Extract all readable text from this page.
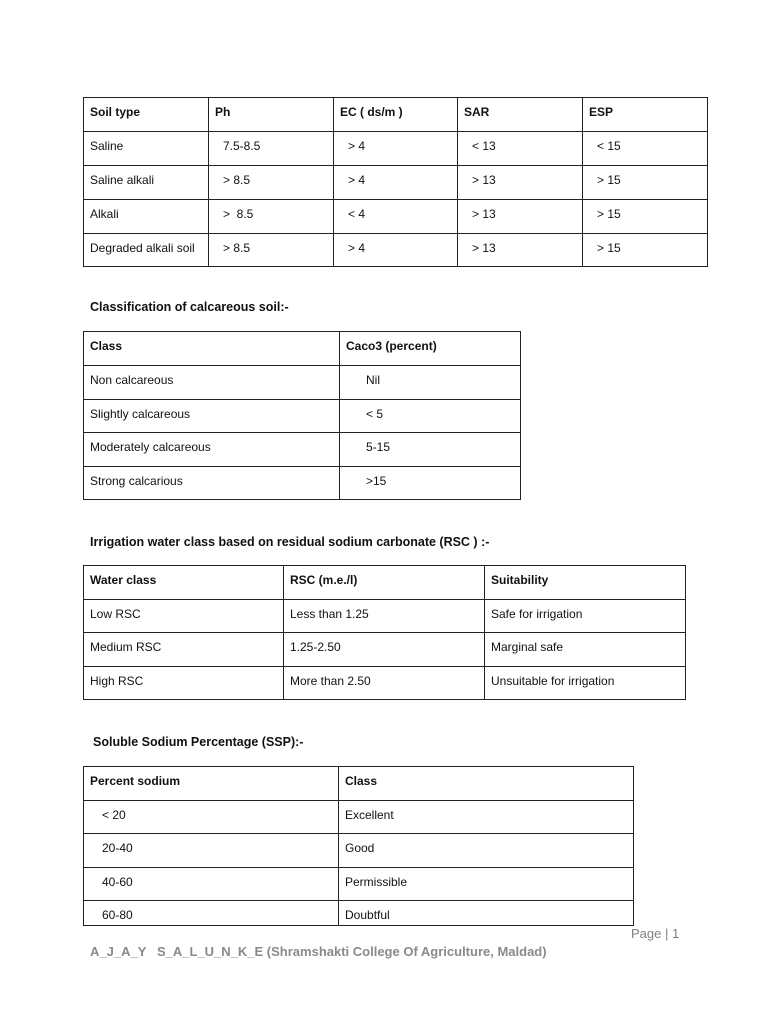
Soil type	Ph	EC ( ds/m )	SAR	ESP
Saline	7.5-8.5	> 4	< 13	< 15
Saline alkali	> 8.5	> 4	> 13	> 15
Alkali	>  8.5	< 4	> 13	> 15
Degraded alkali soil	> 8.5	> 4	> 13	> 15
Classification of calcareous soil:-
Class	Caco3 (percent)
Non calcareous	Nil
Slightly calcareous	< 5
Moderately calcareous	5-15
Strong calcarious	>15
Irrigation water class based on residual sodium carbonate (RSC ) :-
Water class	RSC (m.e./l)	Suitability
Low RSC	Less than 1.25	Safe for irrigation
Medium RSC	1.25-2.50	Marginal safe
High RSC	More than 2.50	Unsuitable for irrigation
Soluble Sodium Percentage (SSP):-
Percent sodium	Class
< 20	Excellent
20-40	Good
40-60	Permissible
60-80	Doubtful
Page | 1
A_J_A_Y   S_A_L_U_N_K_E (Shramshakti College Of Agriculture, Maldad)
